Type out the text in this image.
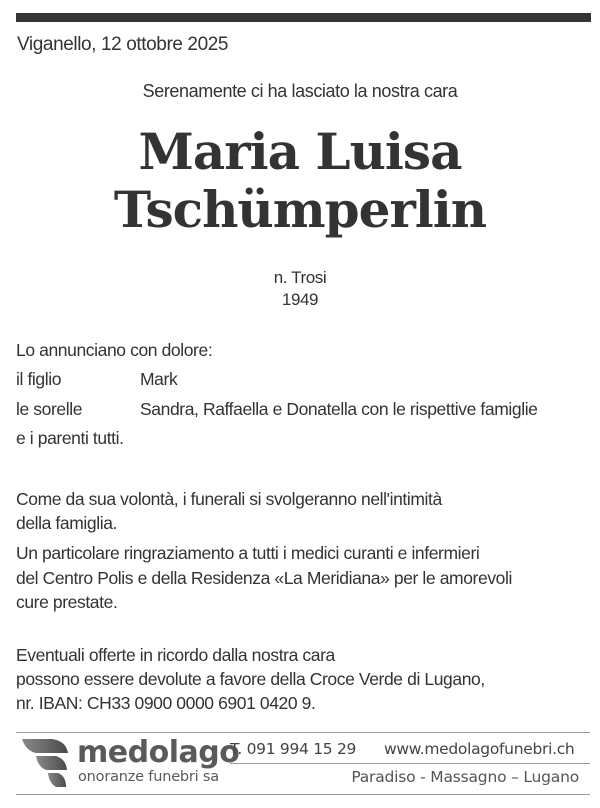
Viganello, 12 ottobre 2025
Serenamente ci ha lasciato la nostra cara
Maria Luisa
Tschümperlin
n. Trosi
1949
Lo annunciano con dolore:
il figlio	Mark
le sorelle	Sandra, Raffaella e Donatella con le rispettive famiglie
e i parenti tutti.
Come da sua volontà, i funerali si svolgeranno nell'intimità
della famiglia.
Un particolare ringraziamento a tutti i medici curanti e infermieri
del Centro Polis e della Residenza «La Meridiana» per le amorevoli
cure prestate.
Eventuali offerte in ricordo dalla nostra cara
possono essere devolute a favore della Croce Verde di Lugano,
nr. IBAN: CH33 0900 0000 6901 0420 9.
medolago
onoranze funebri sa
T. 091 994 15 29 www.medolagofunebri.ch
Paradiso - Massagno – Lugano
